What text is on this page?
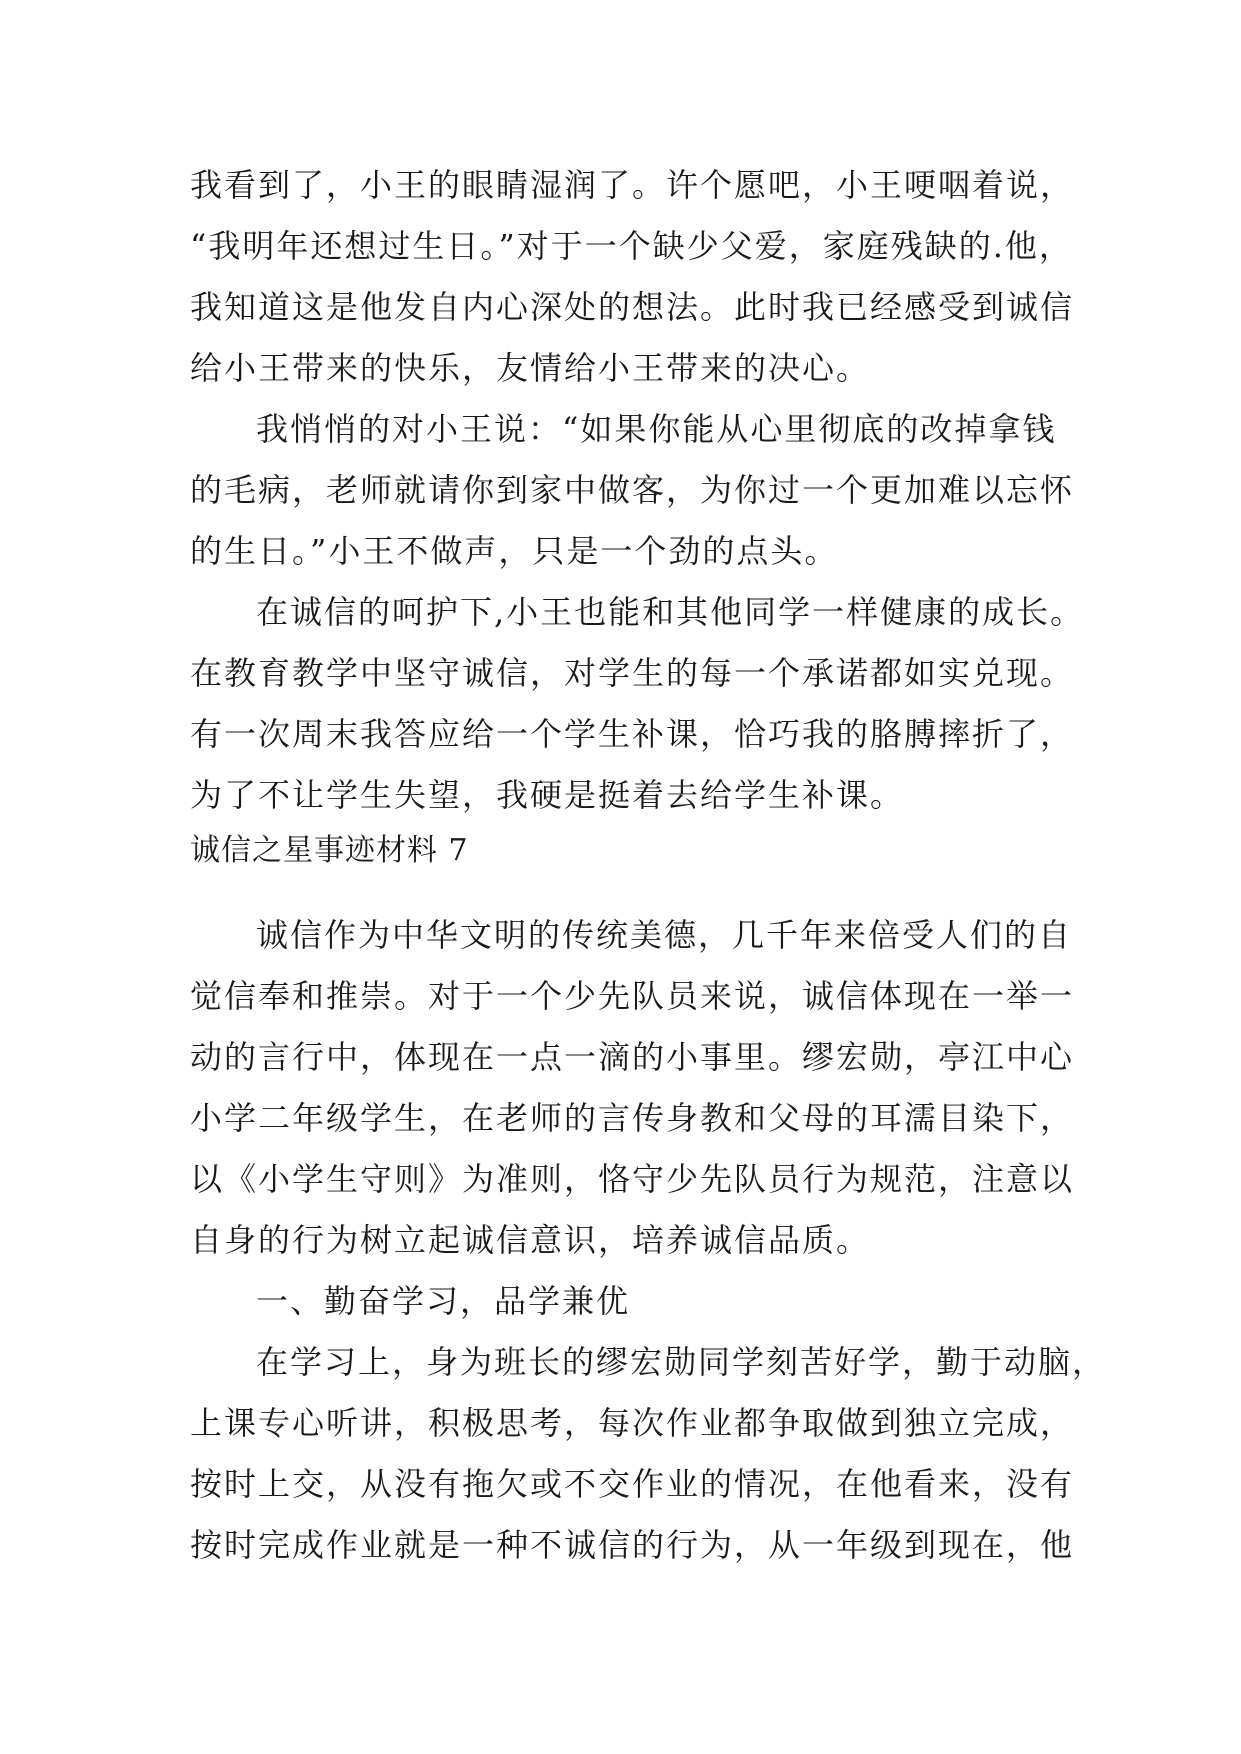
我看到了，小王的眼睛湿润了。许个愿吧，小王哽咽着说，
“我明年还想过生日。”对于一个缺少父爱，家庭残缺的.他，
我知道这是他发自内心深处的想法。此时我已经感受到诚信
给小王带来的快乐，友情给小王带来的决心。
我悄悄的对小王说：“如果你能从心里彻底的改掉拿钱
的毛病，老师就请你到家中做客，为你过一个更加难以忘怀
的生日。”小王不做声，只是一个劲的点头。
在诚信的呵护下,小王也能和其他同学一样健康的成长。
在教育教学中坚守诚信，对学生的每一个承诺都如实兑现。
有一次周末我答应给一个学生补课，恰巧我的胳膊摔折了，
为了不让学生失望，我硬是挺着去给学生补课。
诚信之星事迹材料 7
诚信作为中华文明的传统美德，几千年来倍受人们的自
觉信奉和推崇。对于一个少先队员来说，诚信体现在一举一
动的言行中，体现在一点一滴的小事里。缪宏勋，亭江中心
小学二年级学生，在老师的言传身教和父母的耳濡目染下，
以《小学生守则》为准则，恪守少先队员行为规范，注意以
自身的行为树立起诚信意识，培养诚信品质。
一、勤奋学习，品学兼优
在学习上，身为班长的缪宏勋同学刻苦好学，勤于动脑，
上课专心听讲，积极思考，每次作业都争取做到独立完成，
按时上交，从没有拖欠或不交作业的情况，在他看来，没有
按时完成作业就是一种不诚信的行为，从一年级到现在，他
